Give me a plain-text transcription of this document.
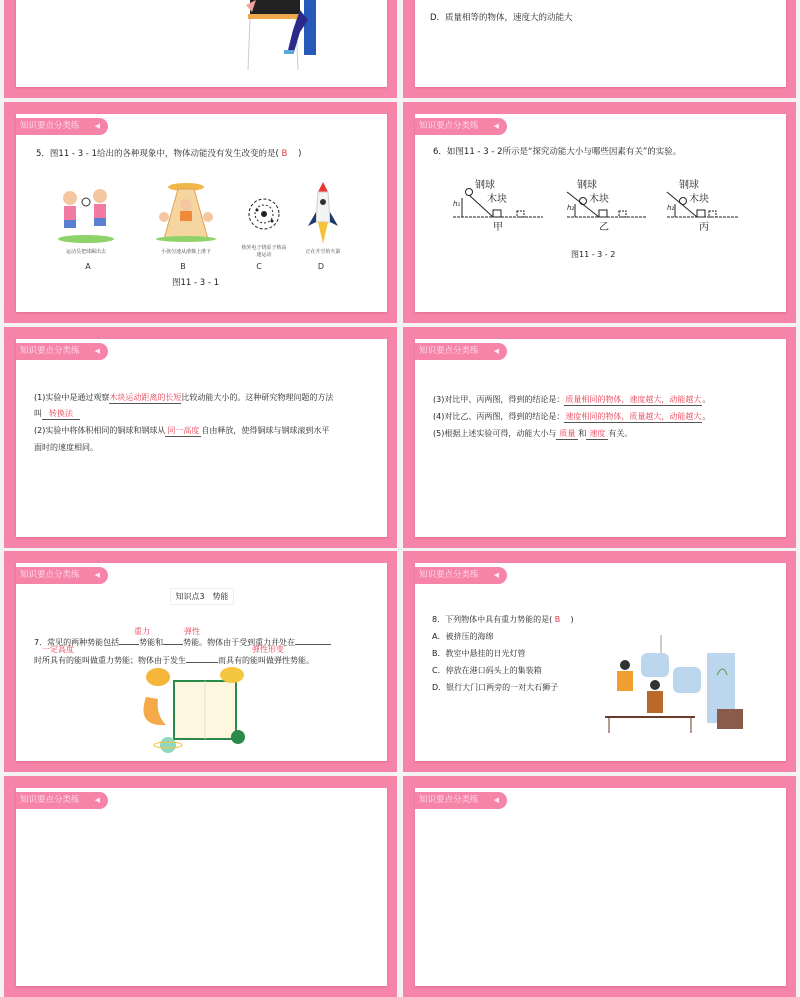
D．质量相等的物体，速度大的动能大
知识要点分类练 ◀
5．图11 - 3 - 1给出的各种现象中，物体动能没有发生改变的是( B )
运动员把球踢出去	小孩匀速从滑梯上滑下
核外电子绕原子核高速运动	正在升空的火箭
A	B	C	D
图11 - 3 - 1
知识要点分类练 ◀
6．如图11 - 3 - 2所示是“探究动能大小与哪些因素有关”的实验。
钢球
木块
h₁
甲
钢球
木块
h₂
乙
钢球
木块
h₂
丙
图11 - 3 - 2
知识要点分类练 ◀
(1)实验中是通过观察木块运动距离的长短比较动能大小的。这种研究物理问题的方法
叫 转换法
(2)实验中将体积相同的铜球和钢球从 同一高度 自由释放，使得铜球与钢球滚到水平
面时的速度相同。
知识要点分类练 ◀
(3)对比甲、丙两图，得到的结论是：质量相同的物体，速度越大，动能越大。
(4)对比乙、丙两图，得到的结论是：速度相同的物体，质量越大，动能越大。
(5)根据上述实验可得，动能大小与 质量 和 速度 有关。
知识要点分类练 ◀
知识点3　势能
重力	弹性
7．常见的两种势能包括	势能和	势能。物体由于受到重力并处在
一定高度	弹性形变
时所具有的能叫做重力势能；物体由于发生	而具有的能叫做弹性势能。
知识要点分类练 ◀
8．下列物体中具有重力势能的是( B )
A．被挤压的海绵
B．教室中悬挂的日光灯管
C．停放在港口码头上的集装箱
D．银行大门口两旁的一对大石狮子
知识要点分类练 ◀	知识要点分类练 ◀
